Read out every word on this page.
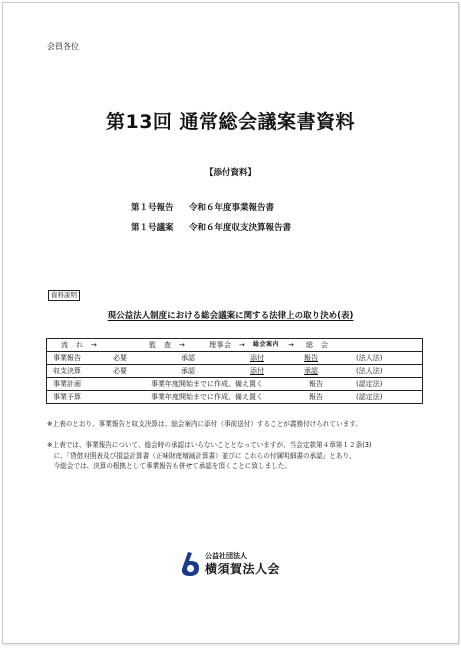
会員各位
第13回 通常総会議案書資料
【添付資料】
第１号報告 令和６年度事業報告書
第１号議案 令和６年度収支決算報告書
資料説明
現公益法人制度における総会議案に関する法律上の取り決め(表)
流　れ　→	監　査　→	理事会　→ 総会案内 → 総　会

事業報告	必要	承認	添付	報告	(法人法)

収支決算	必要	承認	添付	承認	(法人法)

事業計画	事業年度開始までに作成、備え置く	報告	(認定法)

事業予算	事業年度開始までに作成、備え置く	報告	(認定法)
※上表のとおり、事業報告と収支決算は、総会案内に添付（事前送付）することが義務付けられています。
※上表では、事業報告について、総会時の承認はいらないこととなっていますが、当会定款第４章第１２条(3)
　に、「貸借対照表及び損益計算書（正味財産増減計算書）並びに これらの付属明細書の承認」とあり、
　今総会では、決算の根拠として事業報告も併せて承認を頂くことに致しました。
公益社団法人
横須賀法人会
